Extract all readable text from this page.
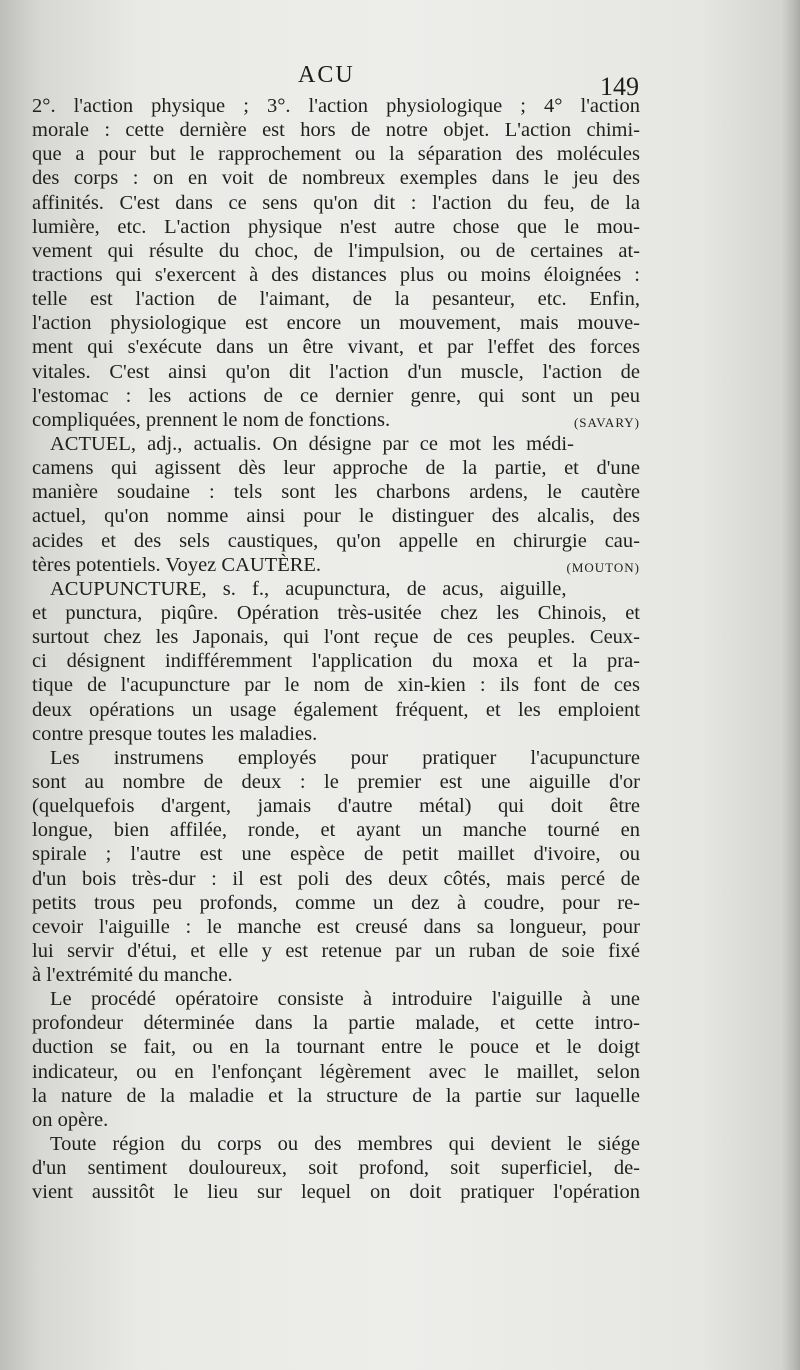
ACU	149
2°. l'action physique ; 3°. l'action physiologique ; 4° l'action
morale : cette dernière est hors de notre objet. L'action chimi-
que a pour but le rapprochement ou la séparation des molécules
des corps : on en voit de nombreux exemples dans le jeu des
affinités. C'est dans ce sens qu'on dit : l'action du feu, de la
lumière, etc. L'action physique n'est autre chose que le mou-
vement qui résulte du choc, de l'impulsion, ou de certaines at-
tractions qui s'exercent à des distances plus ou moins éloignées :
telle est l'action de l'aimant, de la pesanteur, etc. Enfin,
l'action physiologique est encore un mouvement, mais mouve-
ment qui s'exécute dans un être vivant, et par l'effet des forces
vitales. C'est ainsi qu'on dit l'action d'un muscle, l'action de
l'estomac : les actions de ce dernier genre, qui sont un peu
compliquées, prennent le nom de fonctions.	(SAVARY)
ACTUEL, adj., actualis. On désigne par ce mot les médi-
camens qui agissent dès leur approche de la partie, et d'une
manière soudaine : tels sont les charbons ardens, le cautère
actuel, qu'on nomme ainsi pour le distinguer des alcalis, des
acides et des sels caustiques, qu'on appelle en chirurgie cau-
tères potentiels. Voyez CAUTÈRE.	(MOUTON)
ACUPUNCTURE, s. f., acupunctura, de acus, aiguille,
et punctura, piqûre. Opération très-usitée chez les Chinois, et
surtout chez les Japonais, qui l'ont reçue de ces peuples. Ceux-
ci désignent indifféremment l'application du moxa et la pra-
tique de l'acupuncture par le nom de xin-kien : ils font de ces
deux opérations un usage également fréquent, et les emploient
contre presque toutes les maladies.
Les instrumens employés pour pratiquer l'acupuncture
sont au nombre de deux : le premier est une aiguille d'or
(quelquefois d'argent, jamais d'autre métal) qui doit être
longue, bien affilée, ronde, et ayant un manche tourné en
spirale ; l'autre est une espèce de petit maillet d'ivoire, ou
d'un bois très-dur : il est poli des deux côtés, mais percé de
petits trous peu profonds, comme un dez à coudre, pour re-
cevoir l'aiguille : le manche est creusé dans sa longueur, pour
lui servir d'étui, et elle y est retenue par un ruban de soie fixé
à l'extrémité du manche.
Le procédé opératoire consiste à introduire l'aiguille à une
profondeur déterminée dans la partie malade, et cette intro-
duction se fait, ou en la tournant entre le pouce et le doigt
indicateur, ou en l'enfonçant légèrement avec le maillet, selon
la nature de la maladie et la structure de la partie sur laquelle
on opère.
Toute région du corps ou des membres qui devient le siége
d'un sentiment douloureux, soit profond, soit superficiel, de-
vient aussitôt le lieu sur lequel on doit pratiquer l'opération
